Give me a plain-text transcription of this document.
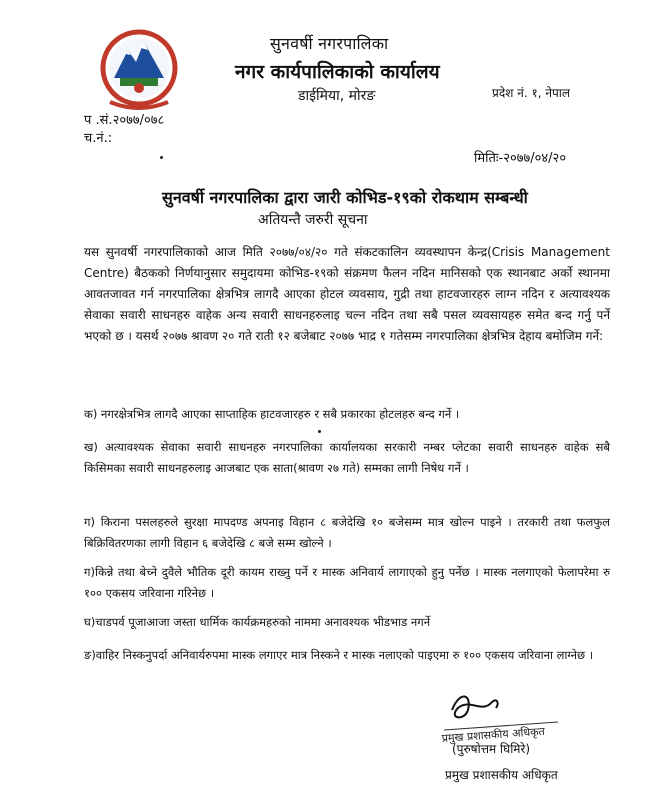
सुनवर्षी नगरपालिका
नगर कार्यपालिकाको कार्यालय
डाईमिया, मोरङ	प्रदेश नं. १, नेपाल
प .सं.२०७७/०७८
च.नं.:
मितिः-२०७७/०४/२०
सुनवर्षी नगरपालिका द्वारा जारी कोभिड-१९को रोकथाम सम्बन्धी
अतियन्तै जरुरी सूचना
यस सुनवर्षी नगरपालिकाको आज मिति २०७७/०४/२० गते संकटकालिन व्यवस्थापन केन्द्र(Crisis Management Centre) बैठकको निर्णयानुसार समुदायमा कोभिड-१९को संक्रमण फैलन नदिन मानिसको एक स्थानबाट अर्को स्थानमा आवतजावत गर्न नगरपालिका क्षेत्रभित्र लागदै आएका होटल व्यवसाय, गुद्री तथा हाटवजारहरु लाग्न नदिन र अत्यावश्यक सेवाका सवारी साधनहरु वाहेक अन्य सवारी साधनहरुलाइ चल्न नदिन तथा सबै पसल व्यवसायहरु समेत बन्द गर्नु पर्ने भएकाे छ । यसर्थ २०७७ श्रावण २० गते राती १२ बजेबाट २०७७ भाद्र १ गतेसम्म नगरपालिका क्षेत्रभित्र देहाय बमोजिम गर्ने:
क) नगरक्षेत्रभित्र लागदै आएका साप्ताहिक हाटवजारहरु र सबै प्रकारका होटलहरु बन्द गर्ने ।
ख) अत्यावश्यक सेवाका सवारी साधनहरु नगरपालिका कार्यालयका सरकारी नम्बर प्लेटका सवारी साधनहरु वाहेक सबै किसिमका सवारी साधनहरुलाइ आजबाट एक साता(श्रावण २७ गते) सम्मका लागी निषेध गर्ने ।
ग) किराना पसलहरुले सुरक्षा मापदण्ड अपनाइ विहान ८ बजेदेखि १० बजेसम्म मात्र खोल्न पाइने । तरकारी तथा फलफुल बिक्रिवितरणका लागी विहान ६ बजेदेखि ८ बजे सम्म खोल्ने ।
ग)किन्ने तथा बेच्ने दुवैले भौतिक दूरी कायम राख्नु पर्ने र मास्क अनिवार्य लागाएको हुनु पर्नेछ । मास्क नलगाएको फेलापरेमा रु १०० एकसय जरिवाना गरिनेछ ।
घ)चाडपर्व पूजाआजा जस्ता धार्मिक कार्यक्रमहरुको नाममा अनावश्यक भीडभाड नगर्ने
ङ)वाहिर निस्कनुपर्दा अनिवार्यरुपमा मास्क लगाएर मात्र निस्कने र मास्क नलाएको पाइएमा रु १०० एकसय जरिवाना लाग्नेछ ।
प्रमुख प्रशासकीय अधिकृत
(पुरुषोत्तम घिमिरे)
प्रमुख प्रशासकीय अधिकृत
